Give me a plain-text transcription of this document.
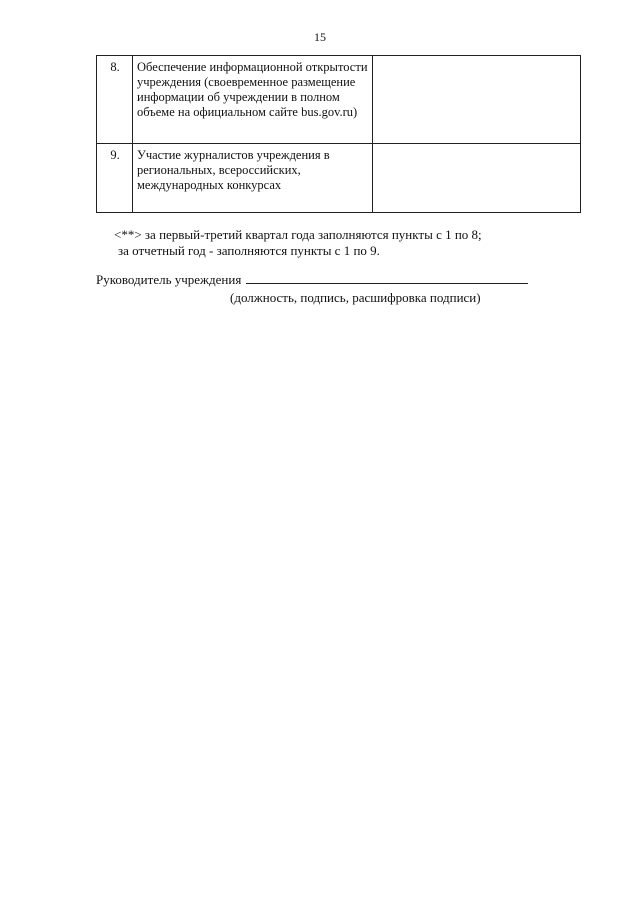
15
8.	Обеспечение информационной открытости учреждения (своевременное размещение информации об учреждении в полном объеме на официальном сайте bus.gov.ru)	
9.	Участие журналистов учреждения в региональных, всероссийских, международных конкурсах	
<**> за первый-третий квартал года заполняются пункты с 1 по 8;
за отчетный год - заполняются пункты с 1 по 9.
Руководитель учреждения
(должность, подпись, расшифровка подписи)
